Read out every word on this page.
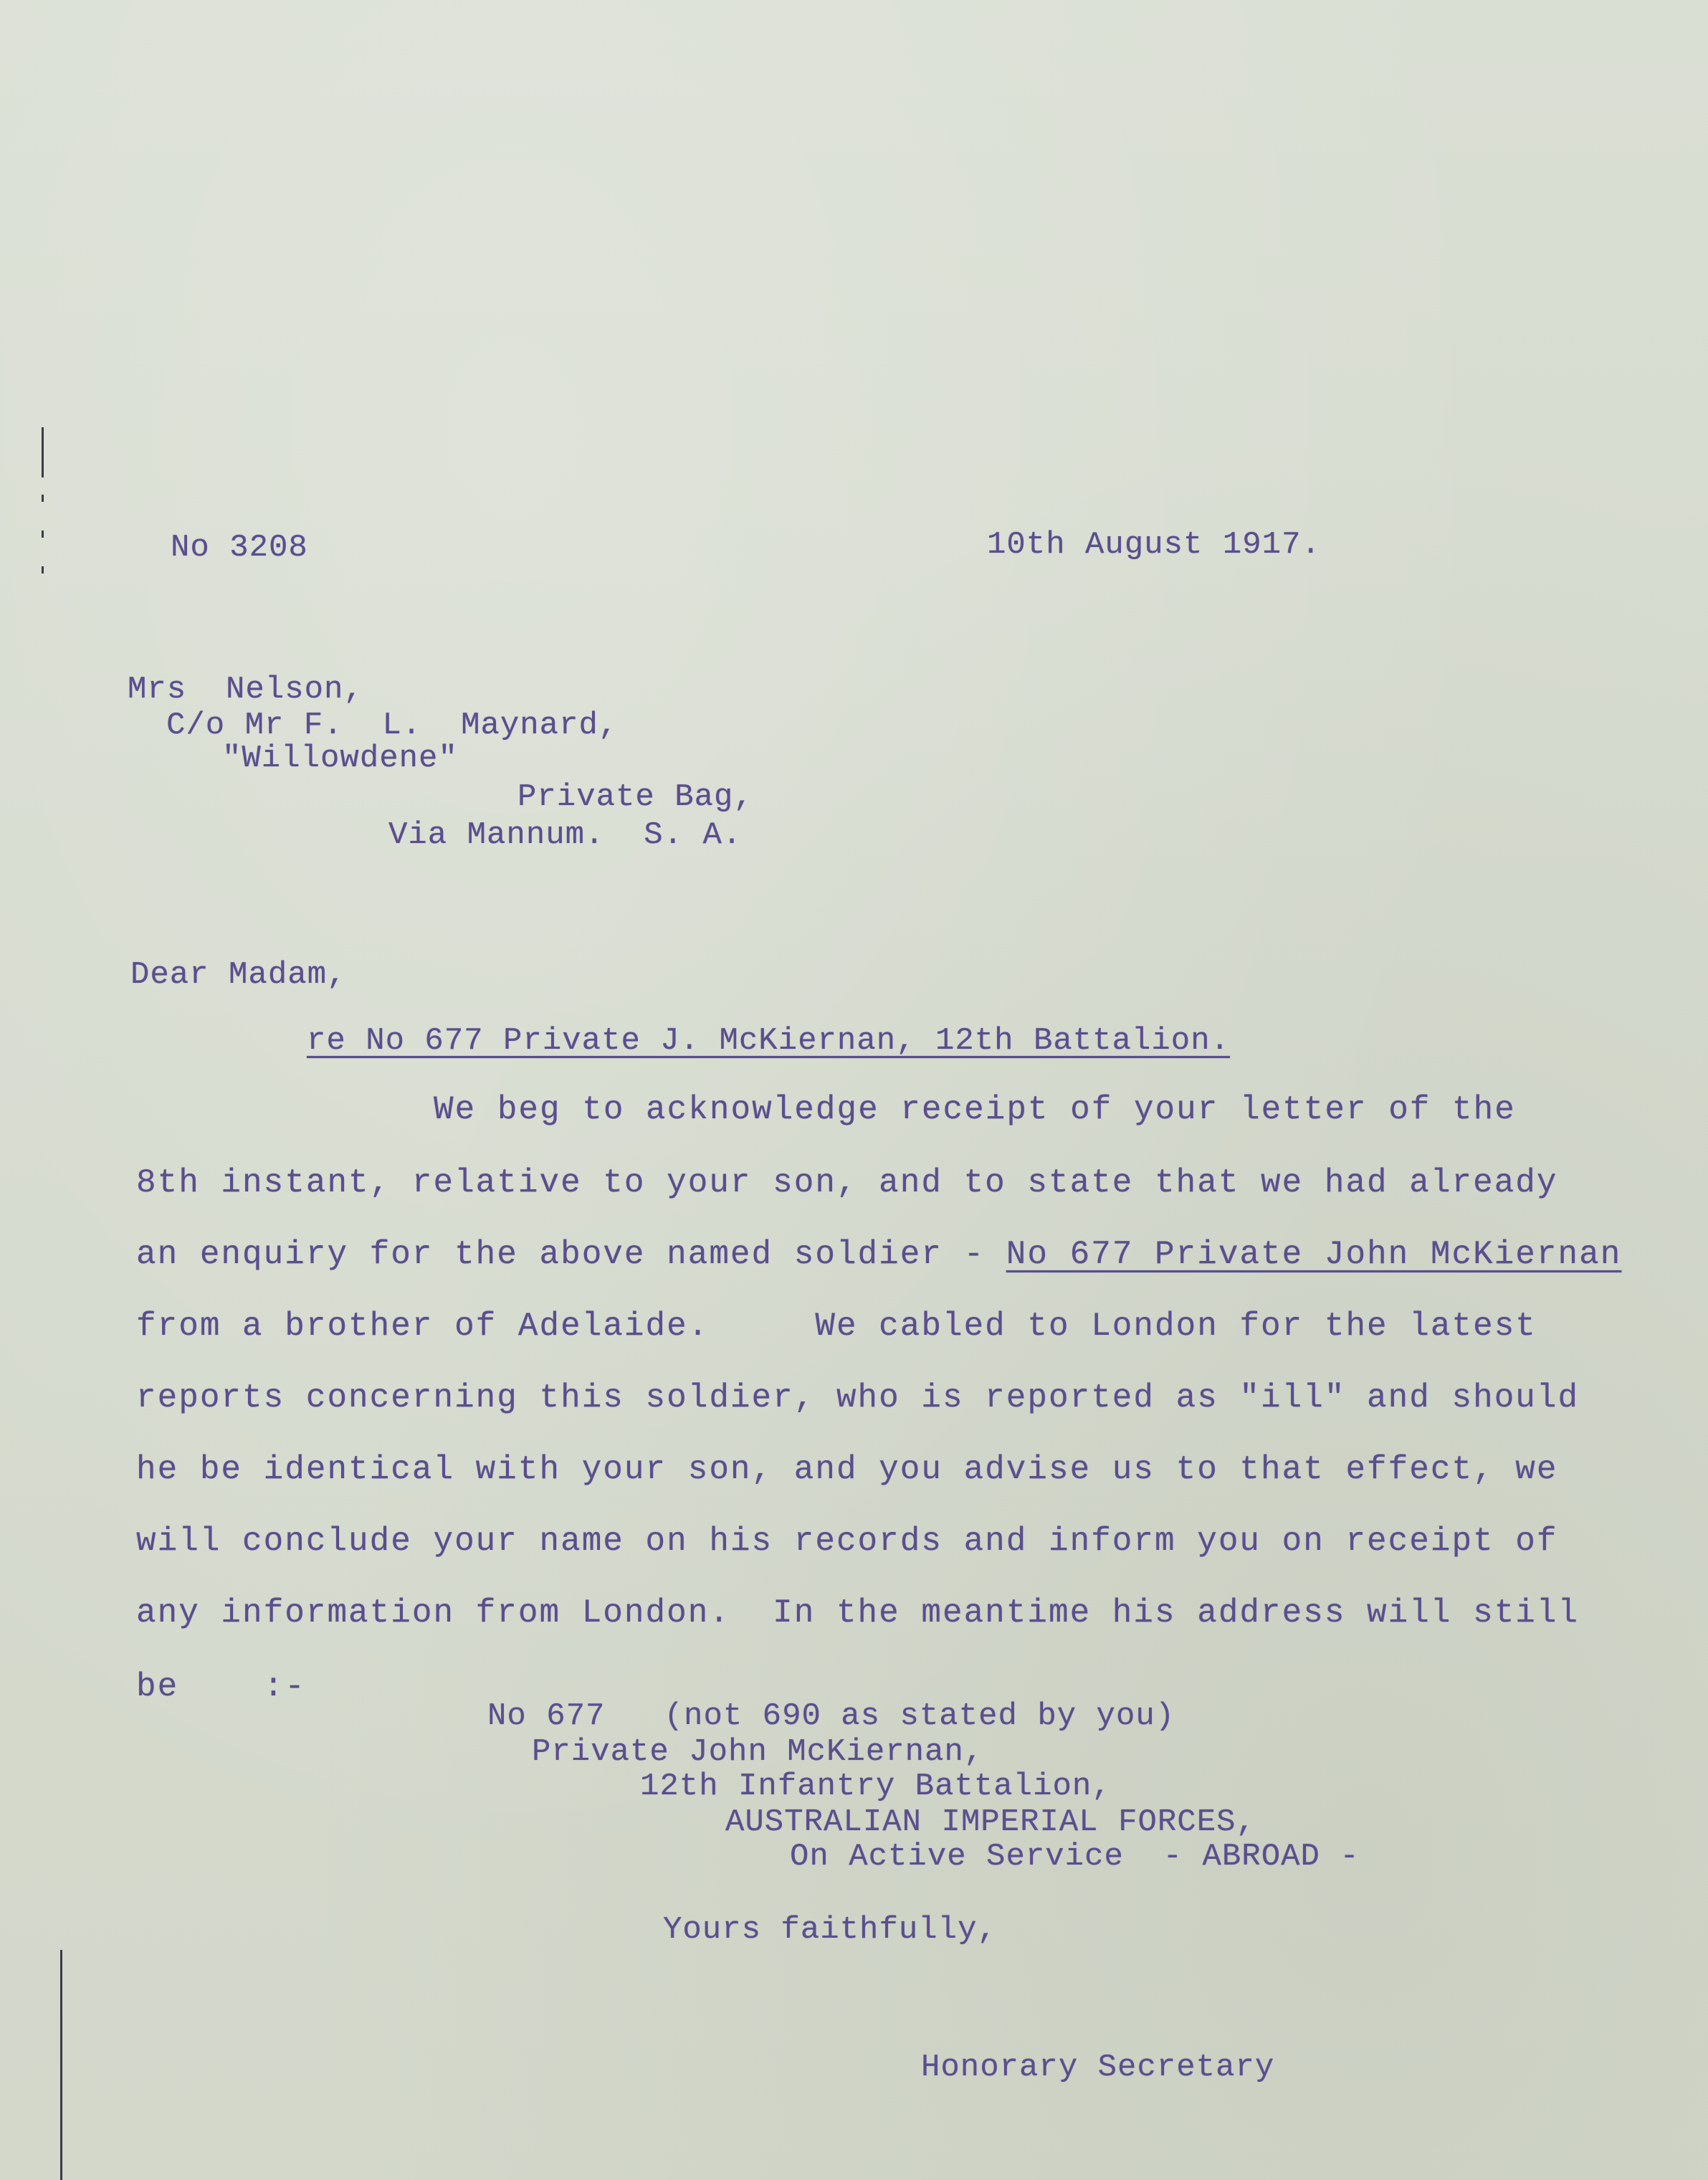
No 3208	10th August 1917.
Mrs  Nelson,
C/o Mr F.  L.  Maynard,
"Willowdene"
Private Bag,
Via Mannum.  S. A.
Dear Madam,
re No 677 Private J. McKiernan, 12th Battalion.
We beg to acknowledge receipt of your letter of the
8th instant, relative to your son, and to state that we had already
an enquiry for the above named soldier - No 677 Private John McKiernan
from a brother of Adelaide.     We cabled to London for the latest
reports concerning this soldier, who is reported as "ill" and should
he be identical with your son, and you advise us to that effect, we
will conclude your name on his records and inform you on receipt of
any information from London.  In the meantime his address will still
be    :-
No 677   (not 690 as stated by you)
Private John McKiernan,
12th Infantry Battalion,
AUSTRALIAN IMPERIAL FORCES,
On Active Service  - ABROAD -
Yours faithfully,
Honorary Secretary
